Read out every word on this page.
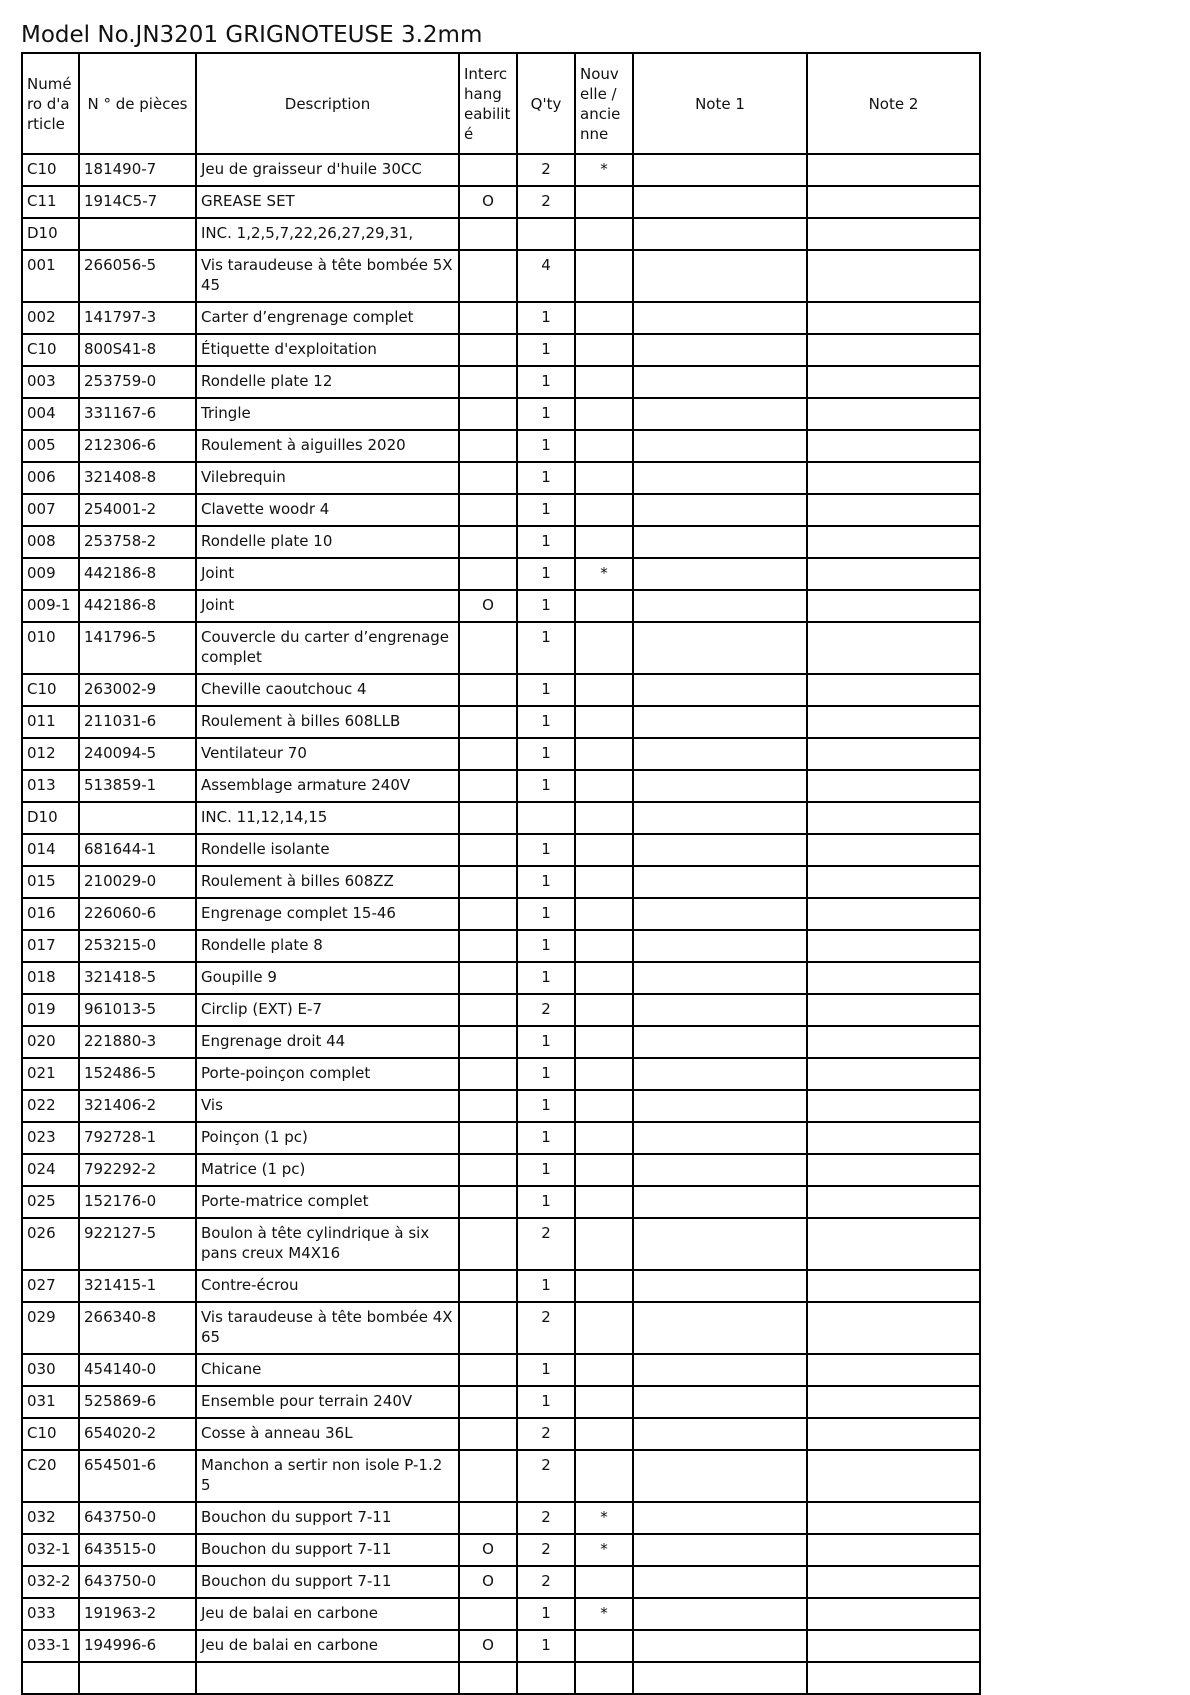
Model No.JN3201 GRIGNOTEUSE 3.2mm
Numé ro d'a rticle	N ° de pièces	Description	Interc hang eabilit é	Q'ty	Nouv elle / ancie nne	Note 1	Note 2
C10	181490-7	Jeu de graisseur d'huile 30CC		2	*		
C11	1914C5-7	GREASE SET	O	2			
D10		INC. 1,2,5,7,22,26,27,29,31,					
001	266056-5	Vis taraudeuse à tête bombée 5X 45		4			
002	141797-3	Carter d’engrenage complet		1			
C10	800S41-8	Étiquette d'exploitation		1			
003	253759-0	Rondelle plate 12		1			
004	331167-6	Tringle		1			
005	212306-6	Roulement à aiguilles 2020		1			
006	321408-8	Vilebrequin		1			
007	254001-2	Clavette woodr 4		1			
008	253758-2	Rondelle plate 10		1			
009	442186-8	Joint		1	*		
009-1	442186-8	Joint	O	1			
010	141796-5	Couvercle du carter d’engrenage complet		1			
C10	263002-9	Cheville caoutchouc 4		1			
011	211031-6	Roulement à billes 608LLB		1			
012	240094-5	Ventilateur 70		1			
013	513859-1	Assemblage armature 240V		1			
D10		INC. 11,12,14,15					
014	681644-1	Rondelle isolante		1			
015	210029-0	Roulement à billes 608ZZ		1			
016	226060-6	Engrenage complet 15-46		1			
017	253215-0	Rondelle plate 8		1			
018	321418-5	Goupille 9		1			
019	961013-5	Circlip (EXT) E-7		2			
020	221880-3	Engrenage droit 44		1			
021	152486-5	Porte-poinçon complet		1			
022	321406-2	Vis		1			
023	792728-1	Poinçon (1 pc)		1			
024	792292-2	Matrice (1 pc)		1			
025	152176-0	Porte-matrice complet		1			
026	922127-5	Boulon à tête cylindrique à six pans creux M4X16		2			
027	321415-1	Contre-écrou		1			
029	266340-8	Vis taraudeuse à tête bombée 4X 65		2			
030	454140-0	Chicane		1			
031	525869-6	Ensemble pour terrain 240V		1			
C10	654020-2	Cosse à anneau 36L		2			
C20	654501-6	Manchon a sertir non isole P-1.2 5		2			
032	643750-0	Bouchon du support 7-11		2	*		
032-1	643515-0	Bouchon du support 7-11	O	2	*		
032-2	643750-0	Bouchon du support 7-11	O	2			
033	191963-2	Jeu de balai en carbone		1	*		
033-1	194996-6	Jeu de balai en carbone	O	1			
